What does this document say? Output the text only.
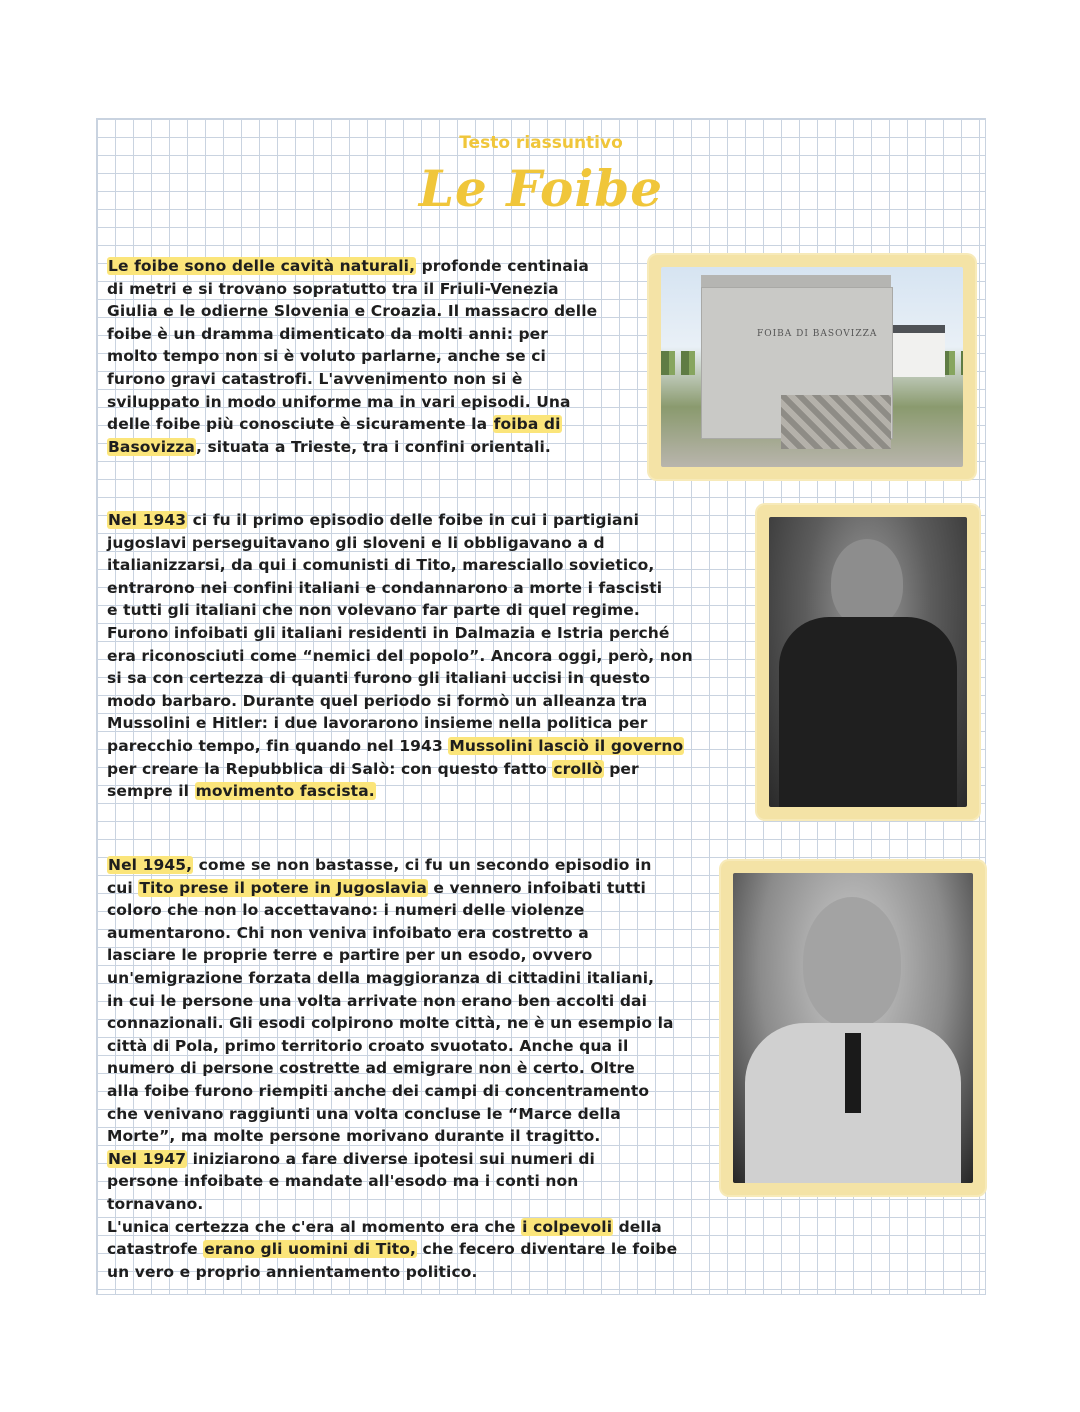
Testo riassuntivo
Le Foibe

Le foibe sono delle cavità naturali, profonde centinaia

di metri e si trovano sopratutto tra il Friuli-Venezia

Giulia e le odierne Slovenia e Croazia. Il massacro delle

foibe è un dramma dimenticato da molti anni: per

molto tempo non si è voluto parlarne, anche se ci

furono gravi catastrofi. L'avvenimento non si è

sviluppato in modo uniforme ma in vari episodi. Una

delle foibe più conosciute è sicuramente la foiba di

Basovizza, situata a Trieste, tra i confini orientali.

FOIBA DI BASOVIZZA

Nel 1943 ci fu il primo episodio delle foibe in cui i partigiani

jugoslavi perseguitavano gli sloveni e li obbligavano a d

italianizzarsi, da qui i comunisti di Tito, maresciallo sovietico,

entrarono nei confini italiani e condannarono a morte i fascisti

e tutti gli italiani che non volevano far parte di quel regime.

Furono infoibati gli italiani residenti in Dalmazia e Istria perché

era riconosciuti come “nemici del popolo”. Ancora oggi, però, non

si sa con certezza di quanti furono gli italiani uccisi in questo

modo barbaro. Durante quel periodo si formò un alleanza tra

Mussolini e Hitler: i due lavorarono insieme nella politica per

parecchio tempo, fin quando nel 1943 Mussolini lasciò il governo

per creare la Repubblica di Salò: con questo fatto crollò per

sempre il movimento fascista.

Nel 1945, come se non bastasse, ci fu un secondo episodio in

cui Tito prese il potere in Jugoslavia e vennero infoibati tutti

coloro che non lo accettavano: i numeri delle violenze

aumentarono. Chi non veniva infoibato era costretto a

lasciare le proprie terre e partire per un esodo, ovvero

un'emigrazione forzata della maggioranza di cittadini italiani,

in cui le persone una volta arrivate non erano ben accolti dai

connazionali. Gli esodi colpirono molte città, ne è un esempio la

città di Pola, primo territorio croato svuotato. Anche qua il

numero di persone costrette ad emigrare non è certo. Oltre

alla foibe furono riempiti anche dei campi di concentramento

che venivano raggiunti una volta concluse le “Marce della

Morte”, ma molte persone morivano durante il tragitto.

Nel 1947 iniziarono a fare diverse ipotesi sui numeri di

persone infoibate e mandate all'esodo ma i conti non

tornavano.

L'unica certezza che c'era al momento era che i colpevoli della

catastrofe erano gli uomini di Tito, che fecero diventare le foibe

un vero e proprio annientamento politico.
